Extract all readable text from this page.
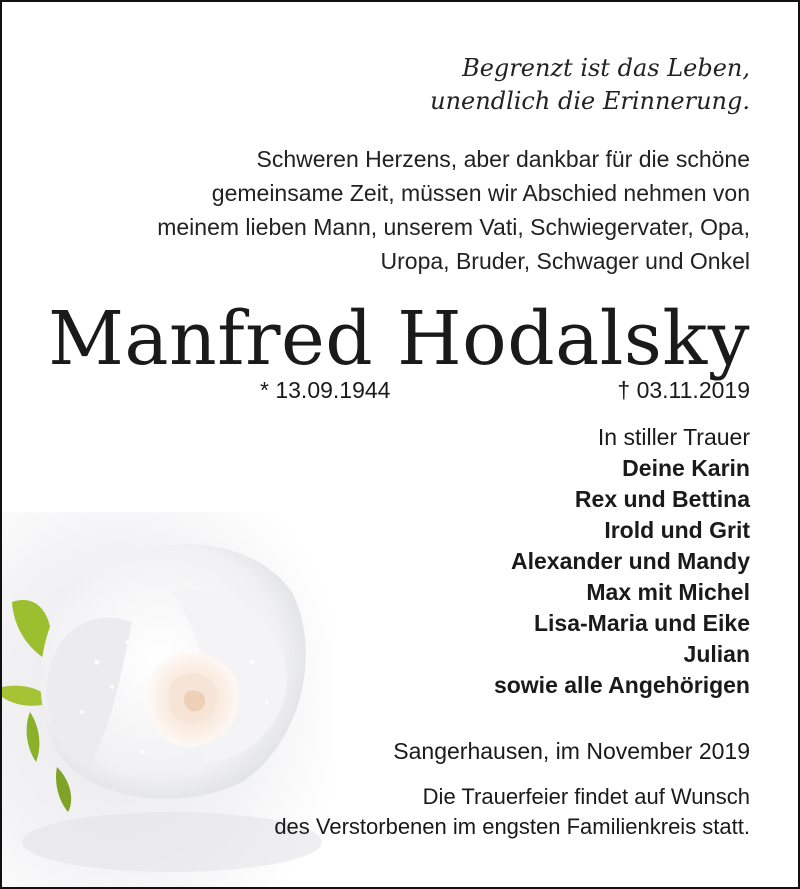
Begrenzt ist das Leben,
unendlich die Erinnerung.
Schweren Herzens, aber dankbar für die schöne
gemeinsame Zeit, müssen wir Abschied nehmen von
meinem lieben Mann, unserem Vati, Schwiegervater, Opa,
Uropa, Bruder, Schwager und Onkel
Manfred Hodalsky
* 13.09.1944	† 03.11.2019
In stiller Trauer
Deine Karin
Rex und Bettina
Irold und Grit
Alexander und Mandy
Max mit Michel
Lisa-Maria und Eike
Julian
sowie alle Angehörigen
Sangerhausen, im November 2019
Die Trauerfeier findet auf Wunsch
des Verstorbenen im engsten Familienkreis statt.
